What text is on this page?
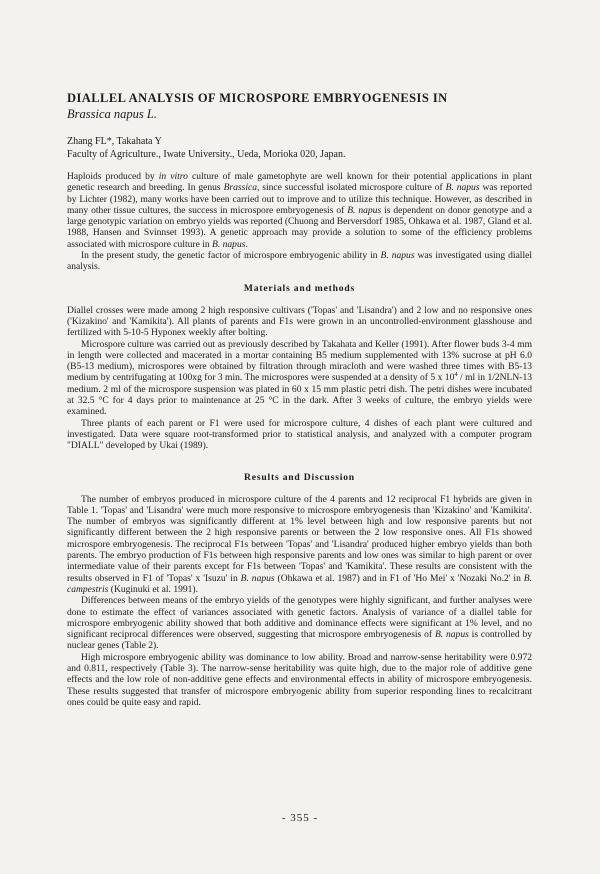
DIALLEL ANALYSIS OF MICROSPORE EMBRYOGENESIS IN
Brassica napus L.

Zhang FL*, Takahata Y

Faculty of Agriculture., Iwate University., Ueda, Morioka 020, Japan.

Haploids produced by in vitro culture of male gametophyte are well known for their potential applications in plant genetic research and breeding. In genus Brassica, since successful isolated microspore culture of B. napus was reported by Lichter (1982), many works have been carried out to improve and to utilize this technique. However, as described in many other tissue cultures, the success in microspore embryogenesis of B. napus is dependent on donor genotype and a large genotypic variation on embryo yields was reported (Chuong and Berversdorf 1985, Ohkawa et al. 1987, Gland et al. 1988, Hansen and Svinnset 1993). A genetic approach may provide a solution to some of the efficiency problems associated with microspore culture in B. napus.

In the present study, the genetic factor of microspore embryogenic ability in B. napus was investigated using diallel analysis.

Materials and methods

Diallel crosses were made among 2 high responsive cultivars ('Topas' and 'Lisandra') and 2 low and no responsive ones ('Kizakino' and 'Kamikita'). All plants of parents and F1s were grown in an uncontrolled-environment glasshouse and fertilized with 5-10-5 Hyponex weekly after bolting.

Microspore culture was carried out as previously described by Takahata and Keller (1991). After flower buds 3-4 mm in length were collected and macerated in a mortar containing B5 medium supplemented with 13% sucrose at pH 6.0 (B5-13 medium), microspores were obtained by filtration through miracloth and were washed three times with B5-13 medium by centrifugating at 100xg for 3 min. The microspores were suspended at a density of 5 x $10^4$ / ml in 1/2NLN-13 medium. 2 ml of the microspore suspension was plated in 60 x 15 mm plastic petri dish. The petri dishes were incubated at 32.5 °C for 4 days prior to maintenance at 25 °C in the dark. After 3 weeks of culture, the embryo yields were examined.

Three plants of each parent or F1 were used for microspore culture, 4 dishes of each plant were cultured and investigated. Data were square root-transformed prior to statistical analysis, and analyzed with a computer program "DIALL" developed by Ukai (1989).

Results and Discussion

The number of embryos produced in microspore culture of the 4 parents and 12 reciprocal F1 hybrids are given in Table 1. 'Topas' and 'Lisandra' were much more responsive to microspore embryogenesis than 'Kizakino' and 'Kamikita'. The number of embryos was significantly different at 1% level between high and low responsive parents but not significantly different between the 2 high responsive parents or between the 2 low responsive ones. All F1s showed microspore embryogenesis. The reciprocal F1s between 'Topas' and 'Lisandra' produced higher embryo yields than both parents. The embryo production of F1s between high responsive parents and low ones was similar to high parent or over intermediate value of their parents except for F1s between 'Topas' and 'Kamikita'. These results are consistent with the results observed in F1 of 'Topas' x 'Isuzu' in B. napus (Ohkawa et al. 1987) and in F1 of 'Ho Mei' x 'Nozaki No.2' in B. campestris (Kuginuki et al. 1991).

Differences between means of the embryo yields of the genotypes were highly significant, and further analyses were done to estimate the effect of variances associated with genetic factors. Analysis of variance of a diallel table for microspore embryogenic ability showed that both additive and dominance effects were significant at 1% level, and no significant reciprocal differences were observed, suggesting that microspore embryogenesis of B. napus is controlled by nuclear genes (Table 2).

High microspore embryogenic ability was dominance to low ability. Broad and narrow-sense heritability were 0.972 and 0.811, respectively (Table 3). The narrow-sense heritability was quite high, due to the major role of additive gene effects and the low role of non-additive gene effects and environmental effects in ability of microspore embryogenesis. These results suggested that transfer of microspore embryogenic ability from superior responding lines to recalcitrant ones could be quite easy and rapid.

- 355 -
